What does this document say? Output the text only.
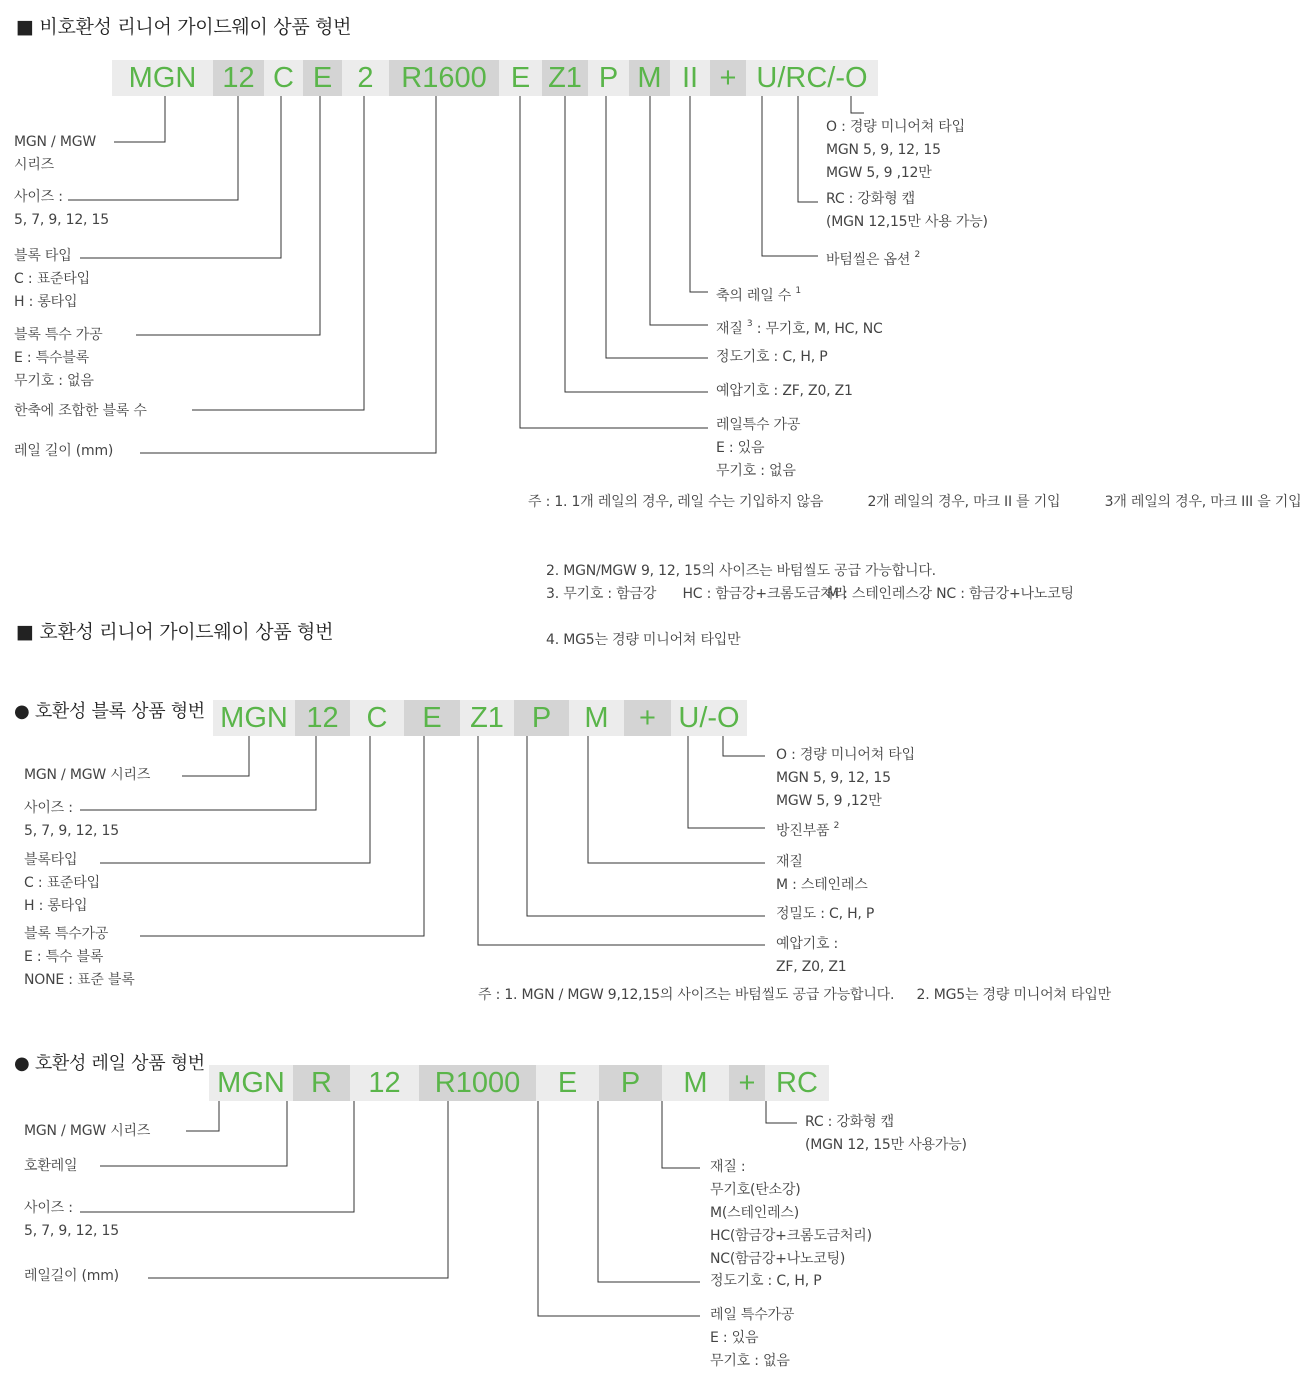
■ 비호환성 리니어 가이드웨이 상품 형번
MGN 12 C E 2 R1600 E Z1 P M II + U/RC/-O
MGN / MGW
시리즈
사이즈 :
5, 7, 9, 12, 15
블록 타입
C : 표준타입
H : 롱타입
블록 특수 가공
E : 특수블록
무기호 : 없음
한축에 조합한 블록 수
레일 길이 (mm)
O : 경량 미니어쳐 타입
MGN 5, 9, 12, 15
MGW 5, 9 ,12만
RC : 강화형 캡
(MGN 12,15만 사용 가능)
바텀씰은 옵션 $^2$
축의 레일 수 $^1$
재질 $^3$ : 무기호, M, HC, NC
정도기호 : C, H, P
예압기호 : ZF, Z0, Z1
레일특수 가공
E : 있음
무기호 : 없음
주 : 1. 1개 레일의 경우, 레일 수는 기입하지 않음	2개 레일의 경우, 마크 II 를 기입	3개 레일의 경우, 마크 III 을 기입
2. MGN/MGW 9, 12, 15의 사이즈는 바텀씰도 공급 가능합니다.
3. 무기호 : 함금강 HC : 함금강+크롬도금처리
M : 스테인레스강 NC : 함금강+나노코팅
4. MG5는 경량 미니어쳐 타입만
■ 호환성 리니어 가이드웨이 상품 형번
● 호환성 블록 상품 형번 MGN 12 C	E Z1 P	M	+ U/-O
MGN / MGW 시리즈
사이즈 :
5, 7, 9, 12, 15
블록타입
C : 표준타입
H : 롱타입
블록 특수가공
E : 특수 블록
NONE : 표준 블록
O : 경량 미니어쳐 타입
MGN 5, 9, 12, 15
MGW 5, 9 ,12만
방진부품 $^2$
재질
M : 스테인레스
정밀도 : C, H, P
예압기호 :
ZF, Z0, Z1
주 : 1. MGN / MGW 9,12,15의 사이즈는 바텀씰도 공급 가능합니다. 2. MG5는 경량 미니어쳐 타입만
● 호환성 레일 상품 형번
MGN R	12	R1000	E	P	M	+ RC
MGN / MGW 시리즈
호환레일
사이즈 :
5, 7, 9, 12, 15
레일길이 (mm)
RC : 강화형 캡
(MGN 12, 15만 사용가능)
재질 :
무기호(탄소강)
M(스테인레스)
HC(함금강+크롬도금처리)
NC(함금강+나노코팅)
정도기호 : C, H, P
레일 특수가공
E : 있음
무기호 : 없음
